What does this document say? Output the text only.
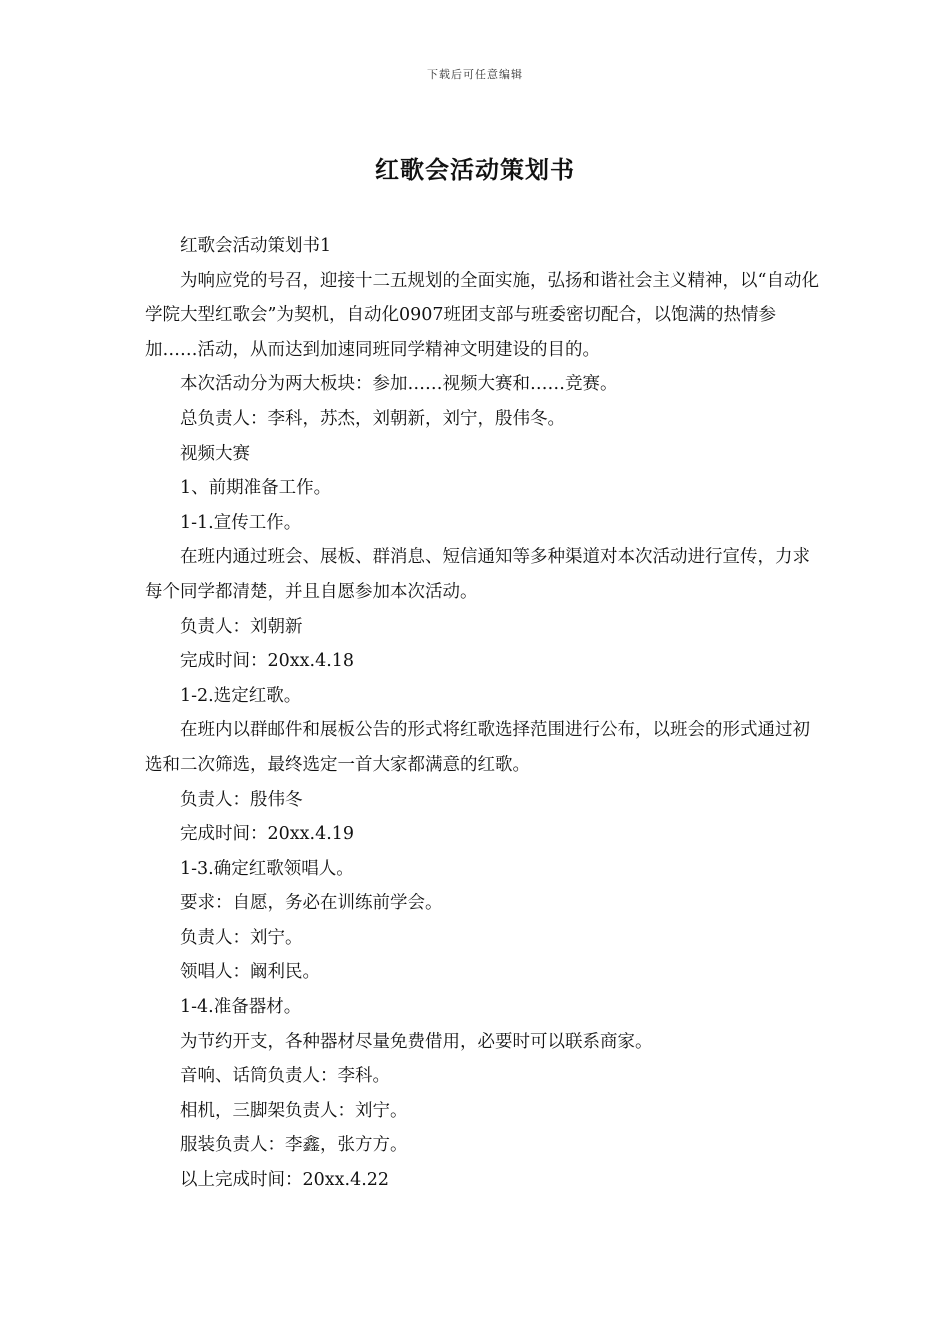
下载后可任意编辑
红歌会活动策划书

红歌会活动策划书1

为响应党的号召，迎接十二五规划的全面实施，弘扬和谐社会主义精神，以“自动化学院大型红歌会”为契机，自动化0907班团支部与班委密切配合，以饱满的热情参加……活动，从而达到加速同班同学精神文明建设的目的。

本次活动分为两大板块：参加……视频大赛和……竞赛。

总负责人：李科，苏杰，刘朝新，刘宁，殷伟冬。

视频大赛

1、前期准备工作。

1-1.宣传工作。

在班内通过班会、展板、群消息、短信通知等多种渠道对本次活动进行宣传，力求每个同学都清楚，并且自愿参加本次活动。

负责人：刘朝新

完成时间：20xx.4.18

1-2.选定红歌。

在班内以群邮件和展板公告的形式将红歌选择范围进行公布，以班会的形式通过初选和二次筛选，最终选定一首大家都满意的红歌。

负责人：殷伟冬

完成时间：20xx.4.19

1-3.确定红歌领唱人。

要求：自愿，务必在训练前学会。

负责人：刘宁。

领唱人：阚利民。

1-4.准备器材。

为节约开支，各种器材尽量免费借用，必要时可以联系商家。

音响、话筒负责人：李科。

相机，三脚架负责人：刘宁。

服装负责人：李鑫，张方方。

以上完成时间：20xx.4.22
